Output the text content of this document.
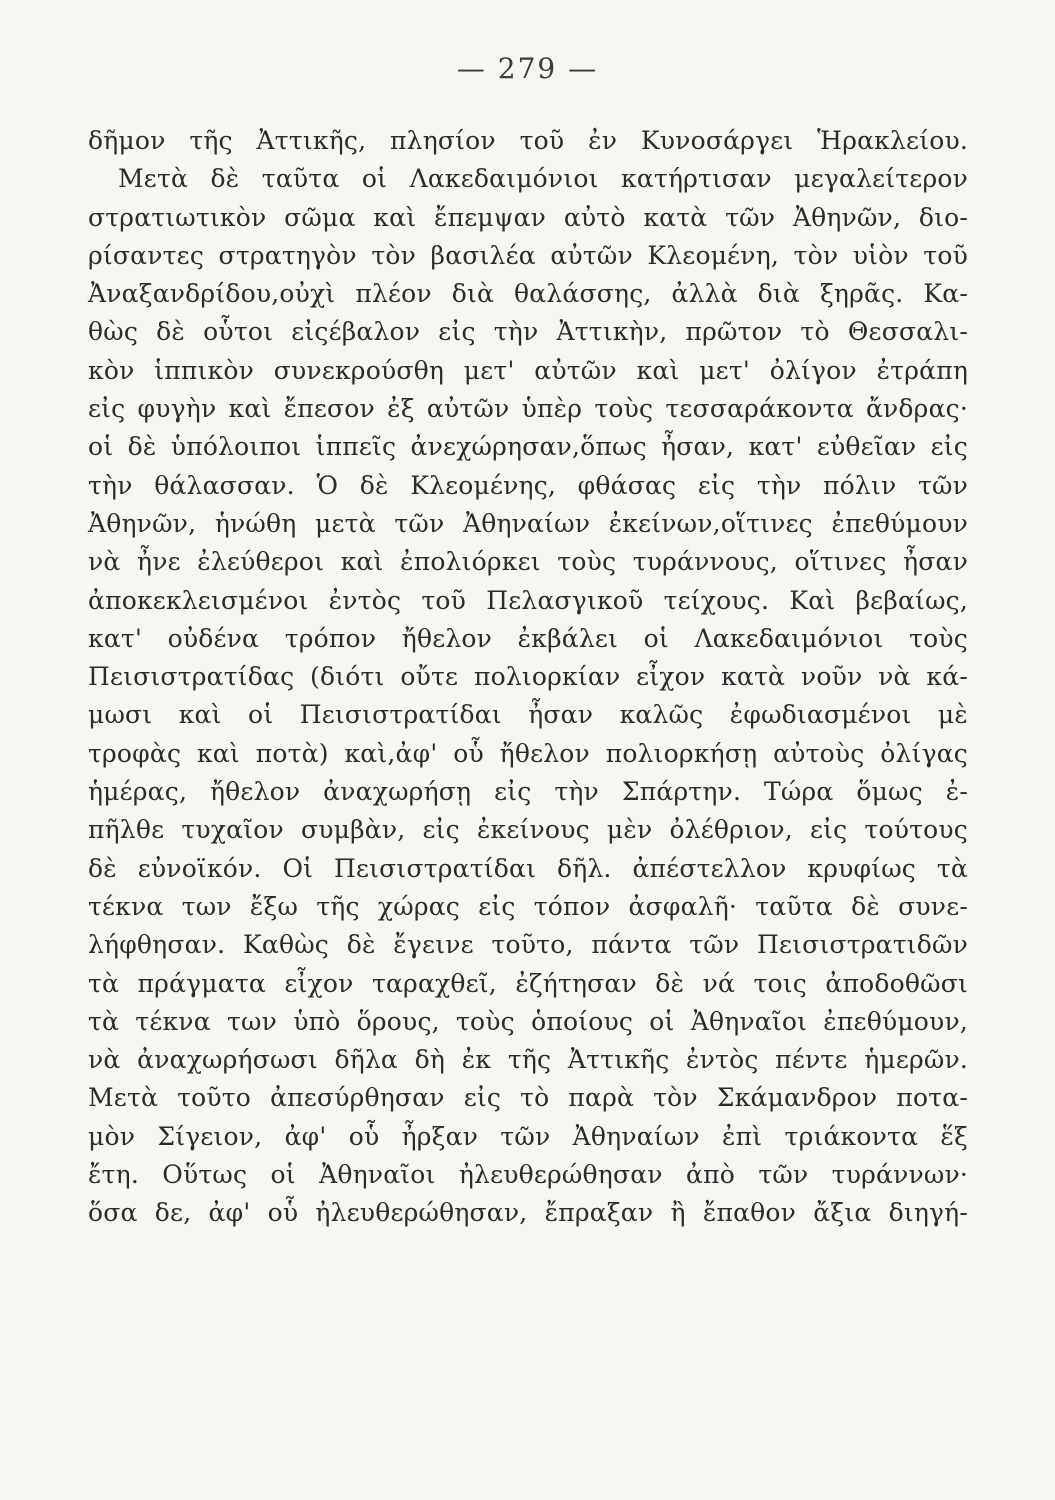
— 279 —
δῆμον τῆς Ἀττικῆς, πλησίον τοῦ ἐν Κυνοσάργει Ἡρακλείου.
Μετὰ δὲ ταῦτα οἱ Λακεδαιμόνιοι κατήρτισαν μεγαλείτερον
στρατιωτικὸν σῶμα καὶ ἔπεμψαν αὐτὸ κατὰ τῶν Ἀθηνῶν, διο-
ρίσαντες στρατηγὸν τὸν βασιλέα αὐτῶν Κλεομένη, τὸν υἱὸν τοῦ
Ἀναξανδρίδου,οὐχὶ πλέον διὰ θαλάσσης, ἀλλὰ διὰ ξηρᾶς. Κα-
θὼς δὲ οὗτοι εἰςέβαλον εἰς τὴν Ἀττικὴν, πρῶτον τὸ Θεσσαλι-
κὸν ἱππικὸν συνεκρούσθη μετ' αὐτῶν καὶ μετ' ὀλίγον ἐτράπη
εἰς φυγὴν καὶ ἔπεσον ἐξ αὐτῶν ὑπὲρ τοὺς τεσσαράκοντα ἄνδρας·
οἱ δὲ ὑπόλοιποι ἱππεῖς ἀνεχώρησαν,ὅπως ἦσαν, κατ' εὐθεῖαν εἰς
τὴν θάλασσαν. Ὁ δὲ Κλεομένης, φθάσας εἰς τὴν πόλιν τῶν
Ἀθηνῶν, ἡνώθη μετὰ τῶν Ἀθηναίων ἐκείνων,οἵτινες ἐπεθύμουν
νὰ ἦνε ἐλεύθεροι καὶ ἐπολιόρκει τοὺς τυράννους, οἵτινες ἦσαν
ἀποκεκλεισμένοι ἐντὸς τοῦ Πελασγικοῦ τείχους. Καὶ βεβαίως,
κατ' οὐδένα τρόπον ἤθελον ἐκβάλει οἱ Λακεδαιμόνιοι τοὺς
Πεισιστρατίδας (διότι οὔτε πολιορκίαν εἶχον κατὰ νοῦν νὰ κά-
μωσι καὶ οἱ Πεισιστρατίδαι ἦσαν καλῶς ἐφωδιασμένοι μὲ
τροφὰς καὶ ποτὰ) καὶ,ἀφ' οὗ ἤθελον πολιορκήσῃ αὐτοὺς ὀλίγας
ἡμέρας, ἤθελον ἀναχωρήσῃ εἰς τὴν Σπάρτην. Τώρα ὅμως ἐ-
πῆλθε τυχαῖον συμβὰν, εἰς ἐκείνους μὲν ὀλέθριον, εἰς τούτους
δὲ εὐνοϊκόν. Οἱ Πεισιστρατίδαι δῆλ. ἀπέστελλον κρυφίως τὰ
τέκνα των ἔξω τῆς χώρας εἰς τόπον ἀσφαλῆ· ταῦτα δὲ συνε-
λήφθησαν. Καθὼς δὲ ἔγεινε τοῦτο, πάντα τῶν Πεισιστρατιδῶν
τὰ πράγματα εἶχον ταραχθεῖ, ἐζήτησαν δὲ νά τοις ἀποδοθῶσι
τὰ τέκνα των ὑπὸ ὅρους, τοὺς ὁποίους οἱ Ἀθηναῖοι ἐπεθύμουν,
νὰ ἀναχωρήσωσι δῆλα δὴ ἐκ τῆς Ἀττικῆς ἐντὸς πέντε ἡμερῶν.
Μετὰ τοῦτο ἀπεσύρθησαν εἰς τὸ παρὰ τὸν Σκάμανδρον ποτα-
μὸν Σίγειον, ἀφ' οὗ ἦρξαν τῶν Ἀθηναίων ἐπὶ τριάκοντα ἕξ
ἔτη. Οὕτως οἱ Ἀθηναῖοι ἠλευθερώθησαν ἀπὸ τῶν τυράννων·
ὅσα δε, ἀφ' οὗ ἠλευθερώθησαν, ἔπραξαν ἢ ἔπαθον ἄξια διηγή-
